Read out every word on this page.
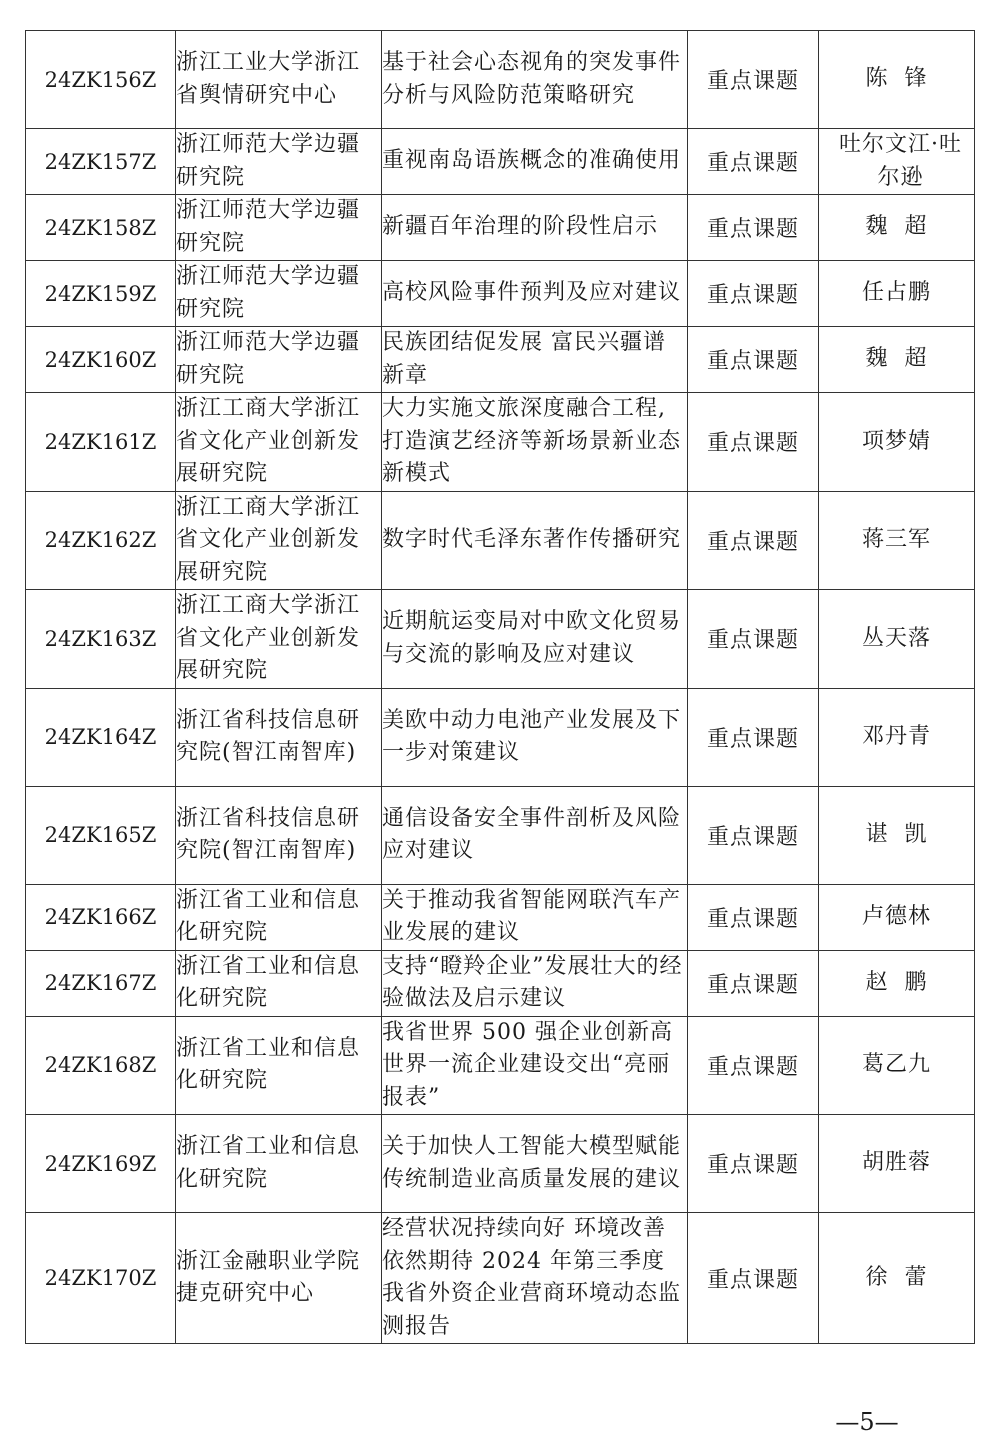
24ZK156Z	浙江工业大学浙江省舆情研究中心	基于社会心态视角的突发事件分析与风险防范策略研究	重点课题	陈  锋
24ZK157Z	浙江师范大学边疆研究院	重视南岛语族概念的准确使用	重点课题	吐尔文江·吐尔逊
24ZK158Z	浙江师范大学边疆研究院	新疆百年治理的阶段性启示	重点课题	魏  超
24ZK159Z	浙江师范大学边疆研究院	高校风险事件预判及应对建议	重点课题	任占鹏
24ZK160Z	浙江师范大学边疆研究院	民族团结促发展 富民兴疆谱新章	重点课题	魏  超
24ZK161Z	浙江工商大学浙江省文化产业创新发展研究院	大力实施文旅深度融合工程,打造演艺经济等新场景新业态新模式	重点课题	项梦婧
24ZK162Z	浙江工商大学浙江省文化产业创新发展研究院	数字时代毛泽东著作传播研究	重点课题	蒋三军
24ZK163Z	浙江工商大学浙江省文化产业创新发展研究院	近期航运变局对中欧文化贸易与交流的影响及应对建议	重点课题	丛天落
24ZK164Z	浙江省科技信息研究院(智江南智库)	美欧中动力电池产业发展及下一步对策建议	重点课题	邓丹青
24ZK165Z	浙江省科技信息研究院(智江南智库)	通信设备安全事件剖析及风险应对建议	重点课题	谌  凯
24ZK166Z	浙江省工业和信息化研究院	关于推动我省智能网联汽车产业发展的建议	重点课题	卢德林
24ZK167Z	浙江省工业和信息化研究院	支持“瞪羚企业”发展壮大的经验做法及启示建议	重点课题	赵  鹏
24ZK168Z	浙江省工业和信息化研究院	我省世界 500 强企业创新高 世界一流企业建设交出“亮丽报表”	重点课题	葛乙九
24ZK169Z	浙江省工业和信息化研究院	关于加快人工智能大模型赋能传统制造业高质量发展的建议	重点课题	胡胜蓉
24ZK170Z	浙江金融职业学院捷克研究中心	经营状况持续向好 环境改善依然期待 2024 年第三季度我省外资企业营商环境动态监测报告	重点课题	徐  蕾
—5—
